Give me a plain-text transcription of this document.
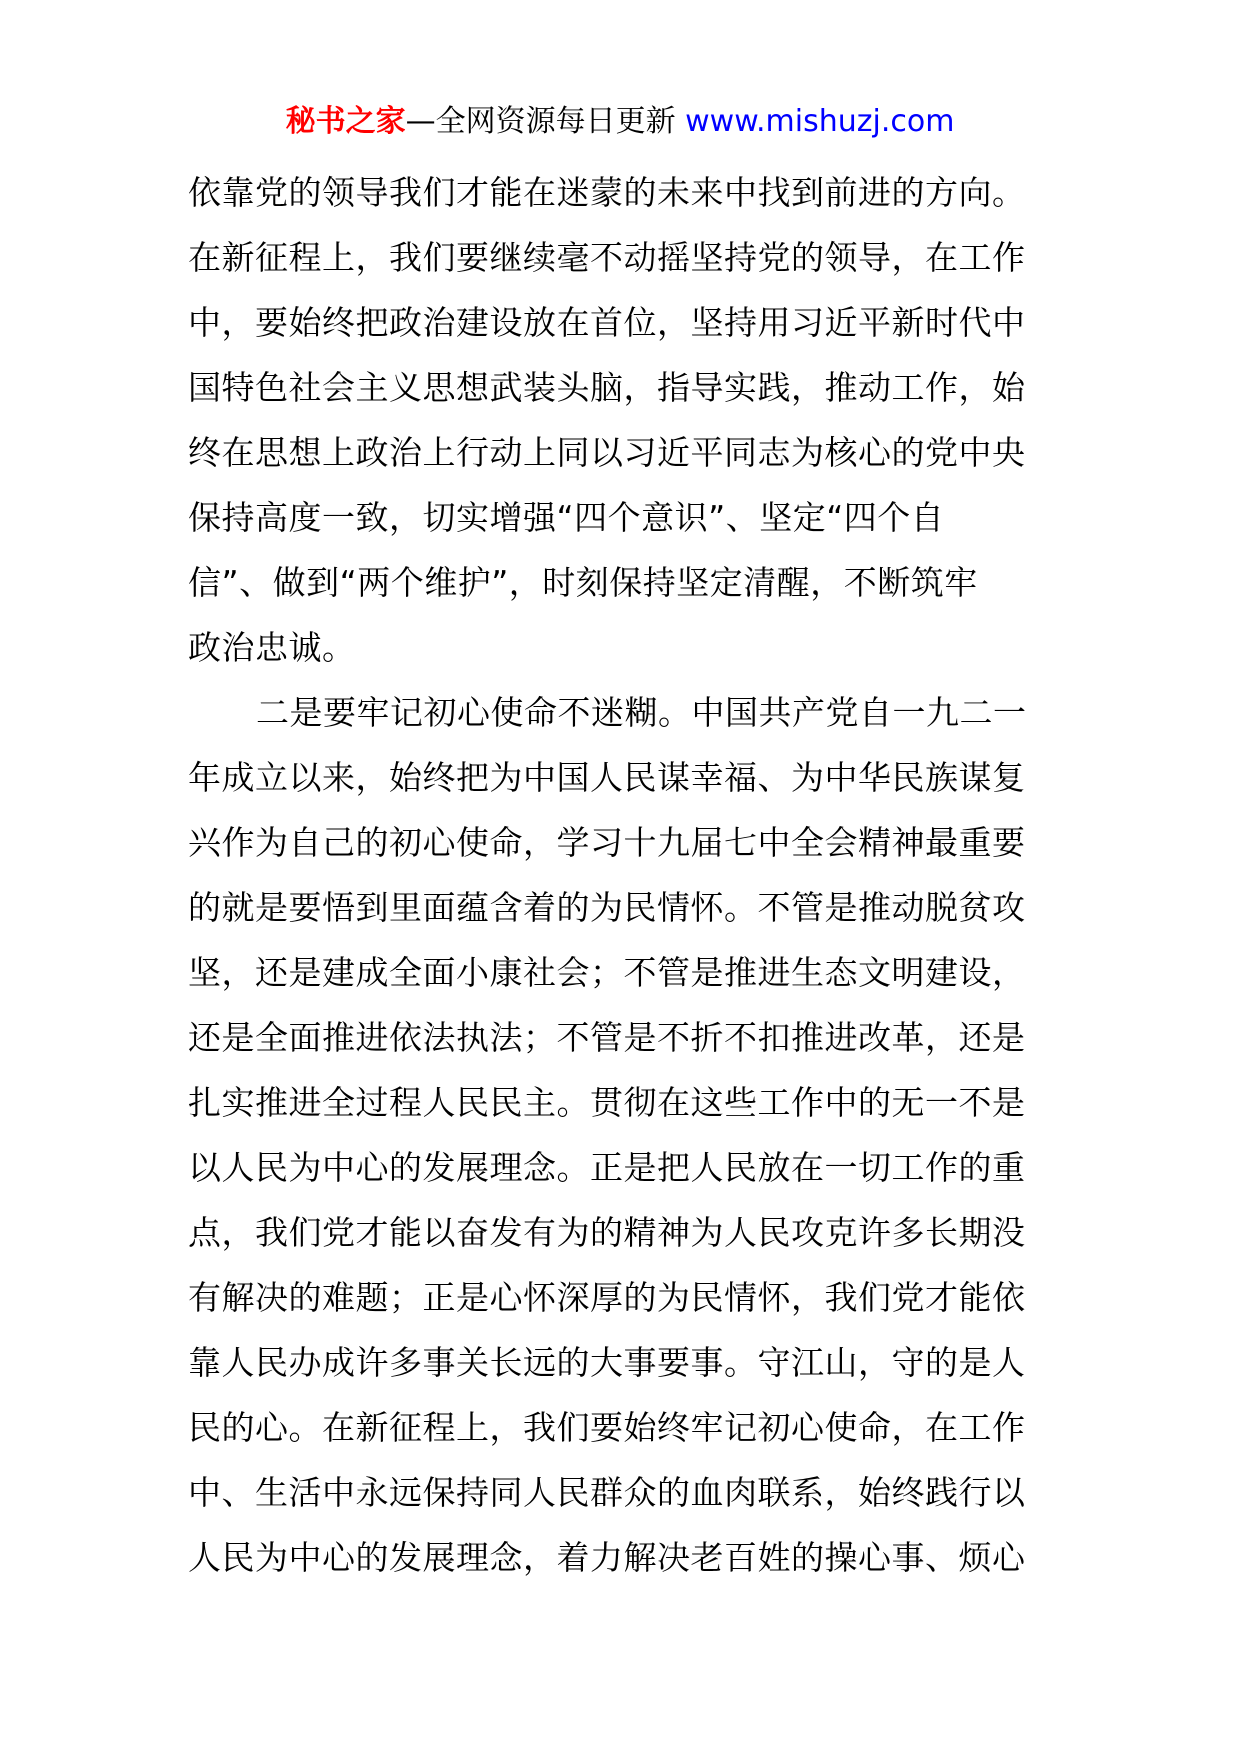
秘书之家—全网资源每日更新 www.mishuzj.com
依靠党的领导我们才能在迷蒙的未来中找到前进的方向。
在新征程上，我们要继续毫不动摇坚持党的领导，在工作
中，要始终把政治建设放在首位，坚持用习近平新时代中
国特色社会主义思想武装头脑，指导实践，推动工作，始
终在思想上政治上行动上同以习近平同志为核心的党中央
保持高度一致，切实增强“四个意识”、坚定“四个自
信”、做到“两个维护”，时刻保持坚定清醒，不断筑牢
政治忠诚。
二是要牢记初心使命不迷糊。中国共产党自一九二一
年成立以来，始终把为中国人民谋幸福、为中华民族谋复
兴作为自己的初心使命，学习十九届七中全会精神最重要
的就是要悟到里面蕴含着的为民情怀。不管是推动脱贫攻
坚，还是建成全面小康社会；不管是推进生态文明建设，
还是全面推进依法执法；不管是不折不扣推进改革，还是
扎实推进全过程人民民主。贯彻在这些工作中的无一不是
以人民为中心的发展理念。正是把人民放在一切工作的重
点，我们党才能以奋发有为的精神为人民攻克许多长期没
有解决的难题；正是心怀深厚的为民情怀，我们党才能依
靠人民办成许多事关长远的大事要事。守江山，守的是人
民的心。在新征程上，我们要始终牢记初心使命，在工作
中、生活中永远保持同人民群众的血肉联系，始终践行以
人民为中心的发展理念，着力解决老百姓的操心事、烦心
